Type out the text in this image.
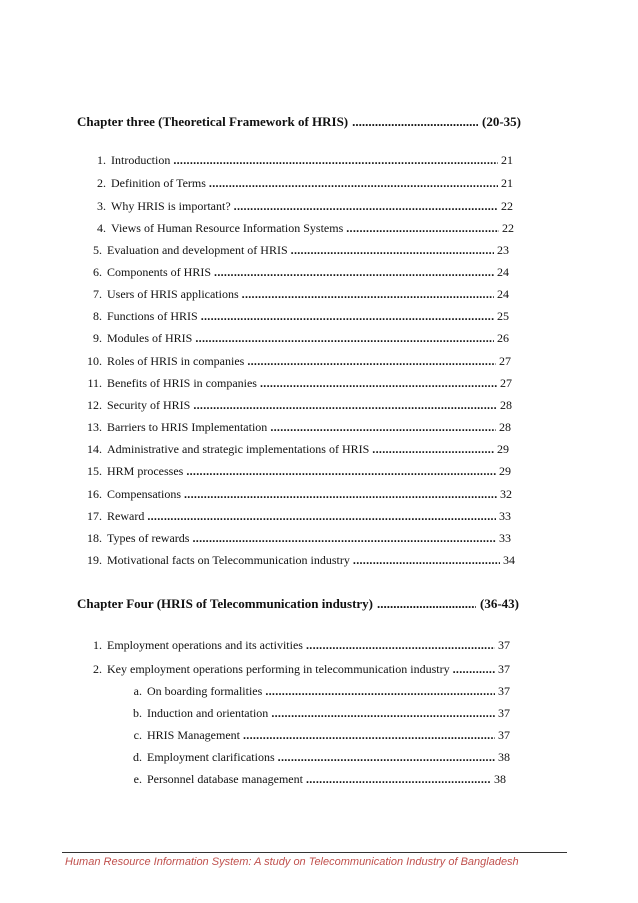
Chapter three (Theoretical Framework of HRIS) .....	(20-35)
1. Introduction .....	21
2. Definition of Terms .....	21
3. Why HRIS is important? .....	22
4. Views of Human Resource Information Systems .....	22
5. Evaluation and development of HRIS .....	23
6. Components of HRIS .....	24
7. Users of HRIS applications .....	24
8. Functions of HRIS .....	25
9. Modules of HRIS .....	26
10. Roles of HRIS in companies .....	27
11. Benefits of HRIS in companies .....	27
12. Security of HRIS .....	28
13. Barriers to HRIS Implementation .....	28
14. Administrative and strategic implementations of HRIS .....	29
15. HRM processes .....	29
16. Compensations .....	32
17. Reward .....	33
18. Types of rewards .....	33
19. Motivational facts on Telecommunication industry .....	34
Chapter Four (HRIS of Telecommunication industry) .....	(36-43)
1. Employment operations and its activities .....	37
2. Key employment operations performing in telecommunication industry .....	37
a. On boarding formalities .....	37
b. Induction and orientation .....	37
c. HRIS Management .....	37
d. Employment clarifications .....	38
e. Personnel database management .....	38
Human Resource Information System: A study on Telecommunication Industry of Bangladesh
